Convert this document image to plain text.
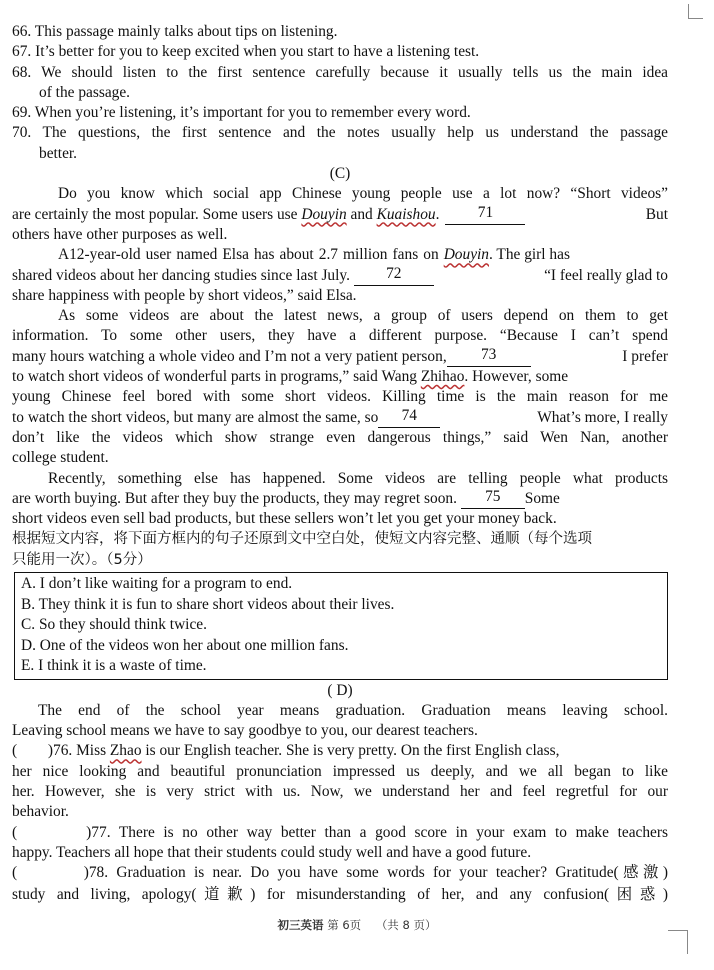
66. This passage mainly talks about tips on listening.
67. It’s better for you to keep excited when you start to have a listening test.
68. We should listen to the first sentence carefully because it usually tells us the main idea
of the passage.
69. When you’re listening, it’s important for you to remember every word.
70. The questions, the first sentence and the notes usually help us understand the passage
better.
(C)
Do you know which social app Chinese young people use a lot now? “Short videos”
are certainly the most popular. Some users use Douyin and Kuaishou .	71	But
others have other purposes as well.
A12-year-old user named Elsa has about 2.7 million fans on Douyin . The girl has
shared videos about her dancing studies since last July.	72	“I feel really glad to
share happiness with people by short videos,” said Elsa.
As some videos are about the latest news, a group of users depend on them to get
information. To some other users, they have a different purpose. “Because I can’t spend
many hours watching a whole video and I’m not a very patient person,	73	I prefer
to watch short videos of wonderful parts in programs,” said Wang Zhihao . However, some
young Chinese feel bored with some short videos. Killing time is the main reason for me
to watch the short videos, but many are almost the same, so	74	What’s more, I really
don’t like the videos which show strange even dangerous things,” said Wen Nan, another
college student.
Recently, something else has happened. Some videos are telling people what products
are worth buying. But after they buy the products, they may regret soon.	75	Some
short videos even sell bad products, but these sellers won’t let you get your money back.
根据短文内容，将下面方框内的句子还原到文中空白处，使短文内容完整、通顺（每个选项
只能用一次）。（5分）
A. I don’t like waiting for a program to end.
B. They think it is fun to share short videos about their lives.
C. So they should think twice.
D. One of the videos won her about one million fans.
E. I think it is a waste of time.
( D)
The end of the school year means graduation. Graduation means leaving school.
Leaving school means we have to say goodbye to you, our dearest teachers.
(        )76. Miss Zhao is our English teacher. She is very pretty. On the first English class,
her nice looking and beautiful pronunciation impressed us deeply, and we all began to like
her. However, she is very strict with us. Now, we understand her and feel regretful for our
behavior.
(        )77. There is no other way better than a good score in your exam to make teachers
happy. Teachers all hope that their students could study well and have a good future.
(        )78. Graduation is near. Do you have some words for your teacher? Gratitude(感激)
study and living, apology(道歉) for misunderstanding of her, and any confusion(困惑)
初三英语 第 6页 （共 8 页）
